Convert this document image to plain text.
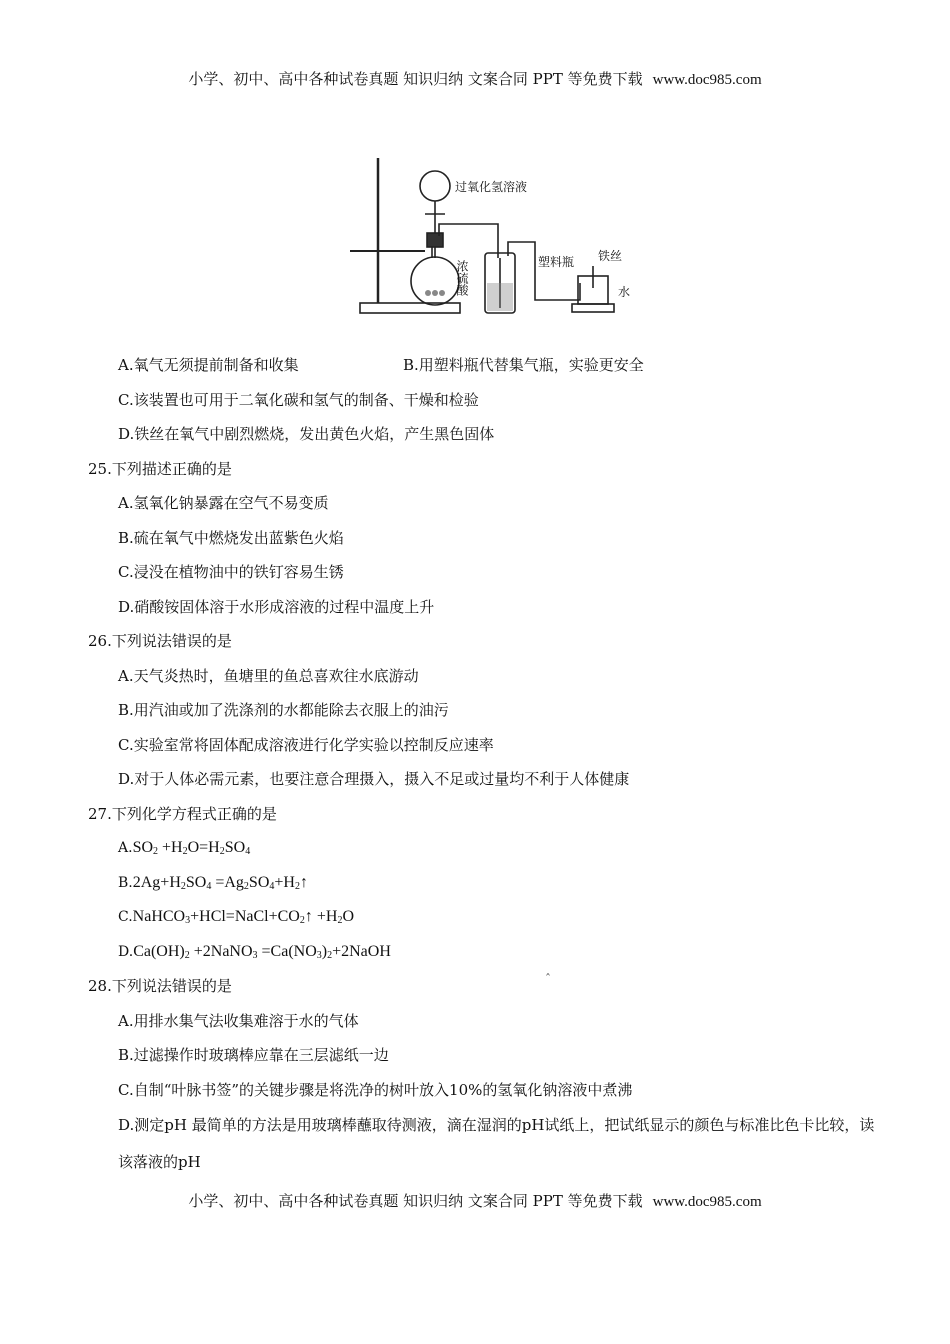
小学、初中、高中各种试卷真题 知识归纳 文案合同 PPT 等免费下载 www.doc985.com
过氧化氢溶液
浓硫酸	塑料瓶 铁丝
水
A.氧气无须提前制备和收集	B.用塑料瓶代替集气瓶，实验更安全

C.该装置也可用于二氧化碳和氢气的制备、干燥和检验

D.铁丝在氧气中剧烈燃烧，发出黄色火焰，产生黑色固体

25.下列描述正确的是

A.氢氧化钠暴露在空气不易变质

B.硫在氧气中燃烧发出蓝紫色火焰

C.浸没在植物油中的铁钉容易生锈

D.硝酸铵固体溶于水形成溶液的过程中温度上升

26.下列说法错误的是

A.天气炎热时，鱼塘里的鱼总喜欢往水底游动

B.用汽油或加了洗涤剂的水都能除去衣服上的油污

C.实验室常将固体配成溶液进行化学实验以控制反应速率

D.对于人体必需元素，也要注意合理摄入，摄入不足或过量均不利于人体健康

27.下列化学方程式正确的是

$A.SO_2 +H_2O=H_2SO_4$

$B.2Ag+H_2SO_4$ $=Ag_2SO_4+H_2↑$

$C.NaHCO_3+HCl=NaCl+CO_2↑ +H_2O$

$D.Ca(OH)_2$ +2NaNO$_3$ $=Ca(NO_3)_2+2NaOH$

28.下列说法错误的是

A.用排水集气法收集难溶于水的气体

B.过滤操作时玻璃棒应靠在三层滤纸一边

C.自制“叶脉书签”的关键步骤是将洗净的树叶放入10%的氢氧化钠溶液中煮沸

D.测定pH 最简单的方法是用玻璃棒蘸取待测液，滴在湿润的pH试纸上，把试纸显示的颜色与标准比色卡比较，读该落液的pH

ˆ
小学、初中、高中各种试卷真题 知识归纳 文案合同 PPT 等免费下载 www.doc985.com
